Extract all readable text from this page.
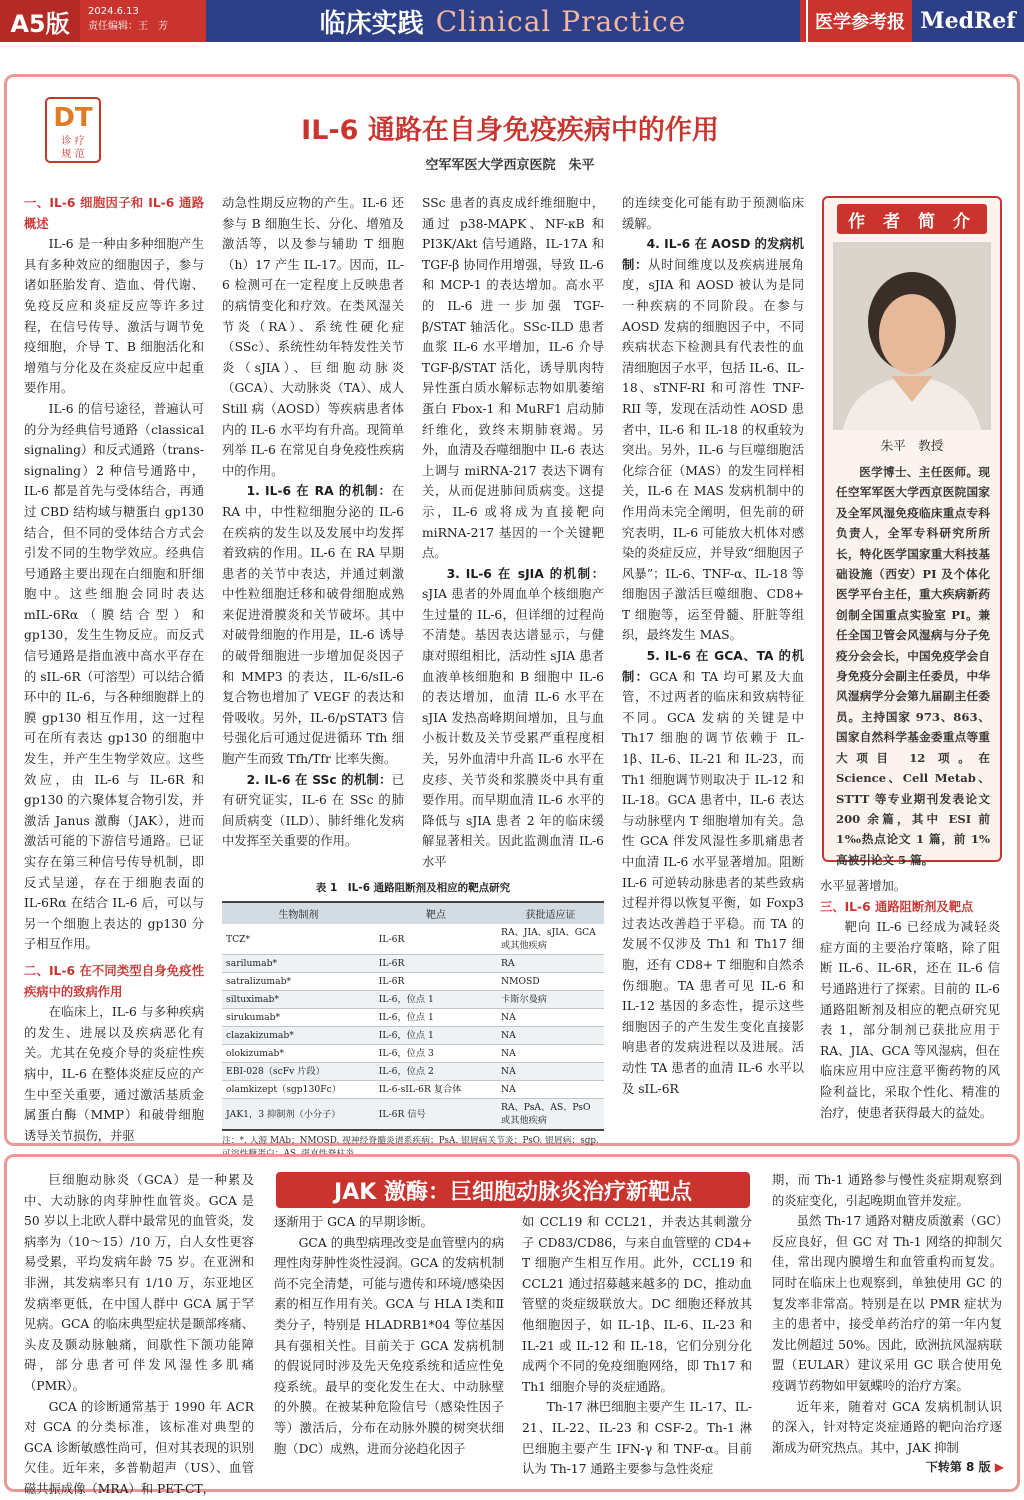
A5版	2024.6.13
责任编辑：王　芳	临床实践 Clinical Practice	医学参考报 MedRef
DT
诊 疗
规 范
IL-6 通路在自身免疫疾病中的作用
空军军医大学西京医院　朱平

一、IL-6 细胞因子和 IL-6 通路概述

IL-6 是一种由多种细胞产生具有多种效应的细胞因子，参与诸如胚胎发育、造血、骨代谢、免疫反应和炎症反应等许多过程，在信号传导、激活与调节免疫细胞，介导 T、B 细胞活化和增殖与分化及在炎症反应中起重要作用。

IL-6 的信号途径，普遍认可的分为经典信号通路（classical signaling）和反式通路（trans-signaling）2 种信号通路中，IL-6 都是首先与受体结合，再通过 CBD 结构域与糖蛋白 gp130 结合，但不同的受体结合方式会引发不同的生物学效应。经典信号通路主要出现在白细胞和肝细胞中。这些细胞会同时表达 mIL-6Rα（膜结合型）和 gp130，发生生物反应。而反式信号通路是指血液中高水平存在的 sIL-6R（可溶型）可以结合循环中的 IL-6，与各种细胞群上的膜 gp130 相互作用，这一过程可在所有表达 gp130 的细胞中发生，并产生生物学效应。这些效应，由 IL-6 与 IL-6R 和 gp130 的六聚体复合物引发，并激活 Janus 激酶（JAK），进而激活可能的下游信号通路。已证实存在第三种信号传导机制，即反式呈递，存在于细胞表面的 IL-6Rα 在结合 IL-6 后，可以与另一个细胞上表达的 gp130 分子相互作用。

二、IL-6 在不同类型自身免疫性疾病中的致病作用

在临床上，IL-6 与多种疾病的发生、进展以及疾病恶化有关。尤其在免疫介导的炎症性疾病中，IL-6 在整体炎症反应的产生中至关重要，通过激活基质金属蛋白酶（MMP）和破骨细胞诱导关节损伤，并驱

动急性期反应物的产生。IL-6 还参与 B 细胞生长、分化、增殖及激活等，以及参与辅助 T 细胞（h）17 产生 IL-17。因而，IL-6 检测可在一定程度上反映患者的病情变化和疗效。在类风湿关节炎（RA）、系统性硬化症（SSc）、系统性幼年特发性关节炎（sJIA）、巨细胞动脉炎（GCA）、大动脉炎（TA）、成人 Still 病（AOSD）等疾病患者体内的 IL-6 水平均有升高。现简单列举 IL-6 在常见自身免疫性疾病中的作用。

1. IL-6 在 RA 的机制：在 RA 中，中性粒细胞分泌的 IL-6 在疾病的发生以及发展中均发挥着致病的作用。IL-6 在 RA 早期患者的关节中表达，并通过刺激中性粒细胞迁移和破骨细胞成熟来促进滑膜炎和关节破坏。其中对破骨细胞的作用是，IL-6 诱导的破骨细胞进一步增加促炎因子和 MMP3 的表达，IL-6/sIL-6 复合物也增加了 VEGF 的表达和骨吸收。另外，IL-6/pSTAT3 信号强化后可通过促进循环 Tfh 细胞产生而致 Tfh/Tfr 比率失衡。

2. IL-6 在 SSc 的机制：已有研究证实，IL-6 在 SSc 的肺间质病变（ILD）、肺纤维化发病中发挥至关重要的作用。

SSc 患者的真皮成纤维细胞中，通过 p38-MAPK、NF-κB 和 PI3K/Akt 信号通路，IL-17A 和 TGF-β 协同作用增强，导致 IL-6 和 MCP-1 的表达增加。高水平的 IL-6 进一步加强 TGF-β/STAT 轴活化。SSc-ILD 患者血浆 IL-6 水平增加，IL-6 介导 TGF-β/STAT 活化，诱导肌肉特异性蛋白质水解标志物如肌萎缩蛋白 Fbox-1 和 MuRF1 启动肺纤维化，致终末期肺衰竭。另外，血清及吞噬细胞中 IL-6 表达上调与 miRNA-217 表达下调有关，从而促进肺间质病变。这提示，IL-6 或将成为直接靶向 miRNA-217 基因的一个关键靶点。

3. IL-6 在 sJIA 的机制：sJIA 患者的外周血单个核细胞产生过量的 IL-6，但详细的过程尚不清楚。基因表达谱显示，与健康对照组相比，活动性 sJIA 患者血液单核细胞和 B 细胞中 IL-6 的表达增加，血清 IL-6 水平在 sJIA 发热高峰期间增加，且与血小板计数及关节受累严重程度相关，另外血清中升高 IL-6 水平在皮疹、关节炎和浆膜炎中具有重要作用。而早期血清 IL-6 水平的降低与 sJIA 患者 2 年的临床缓解显著相关。因此监测血清 IL-6 水平

的连续变化可能有助于预测临床缓解。

4. IL-6 在 AOSD 的发病机制：从时间维度以及疾病进展角度，sJIA 和 AOSD 被认为是同一种疾病的不同阶段。在参与 AOSD 发病的细胞因子中，不同疾病状态下检测具有代表性的血清细胞因子水平，包括 IL-6、IL-18、sTNF-RI 和可溶性 TNF-RII 等，发现在活动性 AOSD 患者中，IL-6 和 IL-18 的权重较为突出。另外，IL-6 与巨噬细胞活化综合征（MAS）的发生同样相关，IL-6 在 MAS 发病机制中的作用尚未完全阐明，但先前的研究表明，IL-6 可能放大机体对感染的炎症反应，并导致“细胞因子风暴”；IL-6、TNF-α、IL-18 等细胞因子激活巨噬细胞、CD8+ T 细胞等，运至骨髓、肝脏等组织，最终发生 MAS。

5. IL-6 在 GCA、TA 的机制：GCA 和 TA 均可累及大血管，不过两者的临床和致病特征不同。GCA 发病的关键是中 Th17 细胞的调节依赖于 IL-1β、IL-6、IL-21 和 IL-23，而 Th1 细胞调节则取决于 IL-12 和 IL-18。GCA 患者中，IL-6 表达与动脉壁内 T 细胞增加有关。急性 GCA 伴发风湿性多肌痛患者中血清 IL-6 水平显著增加。阻断 IL-6 可逆转动脉患者的某些致病过程并得以恢复平衡，如 Foxp3 过表达改善趋于平稳。而 TA 的发展不仅涉及 Th1 和 Th17 细胞，还有 CD8+ T 细胞和自然杀伤细胞。TA 患者可见 IL-6 和 IL-12 基因的多态性，提示这些细胞因子的产生发生变化直接影响患者的发病进程以及进展。活动性 TA 患者的血清 IL-6 水平以及 sIL-6R

作 者 简 介
朱平　教授

医学博士、主任医师。现任空军军医大学西京医院国家及全军风湿免疫临床重点专科负责人，全军专科研究所所长，特化医学国家重大科技基础设施（西安）PI 及个体化医学平台主任，重大疾病新药创制全国重点实验室 PI。兼任全国卫管会风湿病与分子免疫分会会长，中国免疫学会自身免疫分会副主任委员，中华风湿病学分会第九届副主任委员。主持国家 973、863、国家自然科学基金委重点等重大项目 12 项。在 Science、Cell Metab、STTT 等专业期刊发表论文 200 余篇，其中 ESI 前 1‰热点论文 1 篇，前 1% 高被引论文 5 篇。

水平显著增加。

三、IL-6 通路阻断剂及靶点

靶向 IL-6 已经成为减轻炎症方面的主要治疗策略，除了阻断 IL-6、IL-6R，还在 IL-6 信号通路进行了探索。目前的 IL-6 通路阻断剂及相应的靶点研究见表 1，部分制剂已获批应用于 RA、JIA、GCA 等风湿病，但在临床应用中应注意平衡药物的风险利益比，采取个性化、精准的治疗，使患者获得最大的益处。

表 1　IL-6 通路阻断剂及相应的靶点研究
生物制剂	靶点	获批适应证
TCZ*	IL-6R	RA、JIA、sJIA、GCA 或其他疾病
sarilumab*	IL-6R	RA
satralizumab*	IL-6R	NMOSD
siltuximab*	IL-6，位点 1	卡斯尔曼病
sirukumab*	IL-6，位点 1	NA
clazakizumab*	IL-6，位点 1	NA
olokizumab*	IL-6，位点 3	NA
EBI-028（scFv 片段）	IL-6，位点 2	NA
olamkizept（sgp130Fc）	IL-6-sIL-6R 复合体	NA
JAK1，3 抑制剂（小分子）	IL-6R 信号	RA、PsA、AS、PsO 或其他疾病
注：*. 人源 MAb；NMOSD. 视神经脊髓炎谱系疾病；PsA. 银屑病关节炎；PsO. 银屑病；sgp.
JAK 激酶：巨细胞动脉炎治疗新靶点

巨细胞动脉炎（GCA）是一种累及中、大动脉的肉芽肿性血管炎。GCA 是 50 岁以上北欧人群中最常见的血管炎，发病率为（10～15）/10 万，白人女性更容易受累，平均发病年龄 75 岁。在亚洲和非洲，其发病率只有 1/10 万，东亚地区发病率更低，在中国人群中 GCA 属于罕见病。GCA 的临床典型症状是颞部疼痛、头皮及颞动脉触痛，间歇性下颌功能障碍，部分患者可伴发风湿性多肌痛（PMR）。

GCA 的诊断通常基于 1990 年 ACR 对 GCA 的分类标准，该标准对典型的 GCA 诊断敏感性尚可，但对其表现的识别欠佳。近年来，多普勒超声（US）、血管磁共振成像（MRA）和 PET-CT，

逐渐用于 GCA 的早期诊断。

GCA 的典型病理改变是血管壁内的病理性肉芽肿性炎性浸润。GCA 的发病机制尚不完全清楚，可能与遗传和环境/感染因素的相互作用有关。GCA 与 HLA Ⅰ类和Ⅱ类分子，特别是 HLADRB1*04 等位基因具有强相关性。目前关于 GCA 发病机制的假说同时涉及先天免疫系统和适应性免疫系统。最早的变化发生在大、中动脉壁的外膜。在被某种危险信号（感染性因子等）激活后，分布在动脉外膜的树突状细胞（DC）成熟，进而分泌趋化因子

如 CCL19 和 CCL21，并表达其刺激分子 CD83/CD86，与来自血管壁的 CD4+ T 细胞产生相互作用。此外，CCL19 和 CCL21 通过招募越来越多的 DC，推动血管壁的炎症级联放大。DC 细胞还释放其他细胞因子，如 IL-1β、IL-6、IL-23 和 IL-21 或 IL-12 和 IL-18，它们分别分化成两个不同的免疫细胞网络，即 Th17 和 Th1 细胞介导的炎症通路。

Th-17 淋巴细胞主要产生 IL-17、IL-21、IL-22、IL-23 和 CSF-2。Th-1 淋巴细胞主要产生 IFN-γ 和 TNF-α。目前认为 Th-17 通路主要参与急性炎症

期，而 Th-1 通路参与慢性炎症期观察到的炎症变化，引起晚期血管并发症。

虽然 Th-17 通路对糖皮质激素（GC）反应良好，但 GC 对 Th-1 网络的抑制欠佳，常出现内膜增生和血管重构而复发。同时在临床上也观察到，单独使用 GC 的复发率非常高。特别是在以 PMR 症状为主的患者中，接受单药治疗的第一年内复发比例超过 50%。因此，欧洲抗风湿病联盟（EULAR）建议采用 GC 联合使用免疫调节药物如甲氨蝶呤的治疗方案。

近年来，随着对 GCA 发病机制认识的深入，针对特定炎症通路的靶向治疗逐渐成为研究热点。其中，JAK 抑制

下转第 8 版 ▶
